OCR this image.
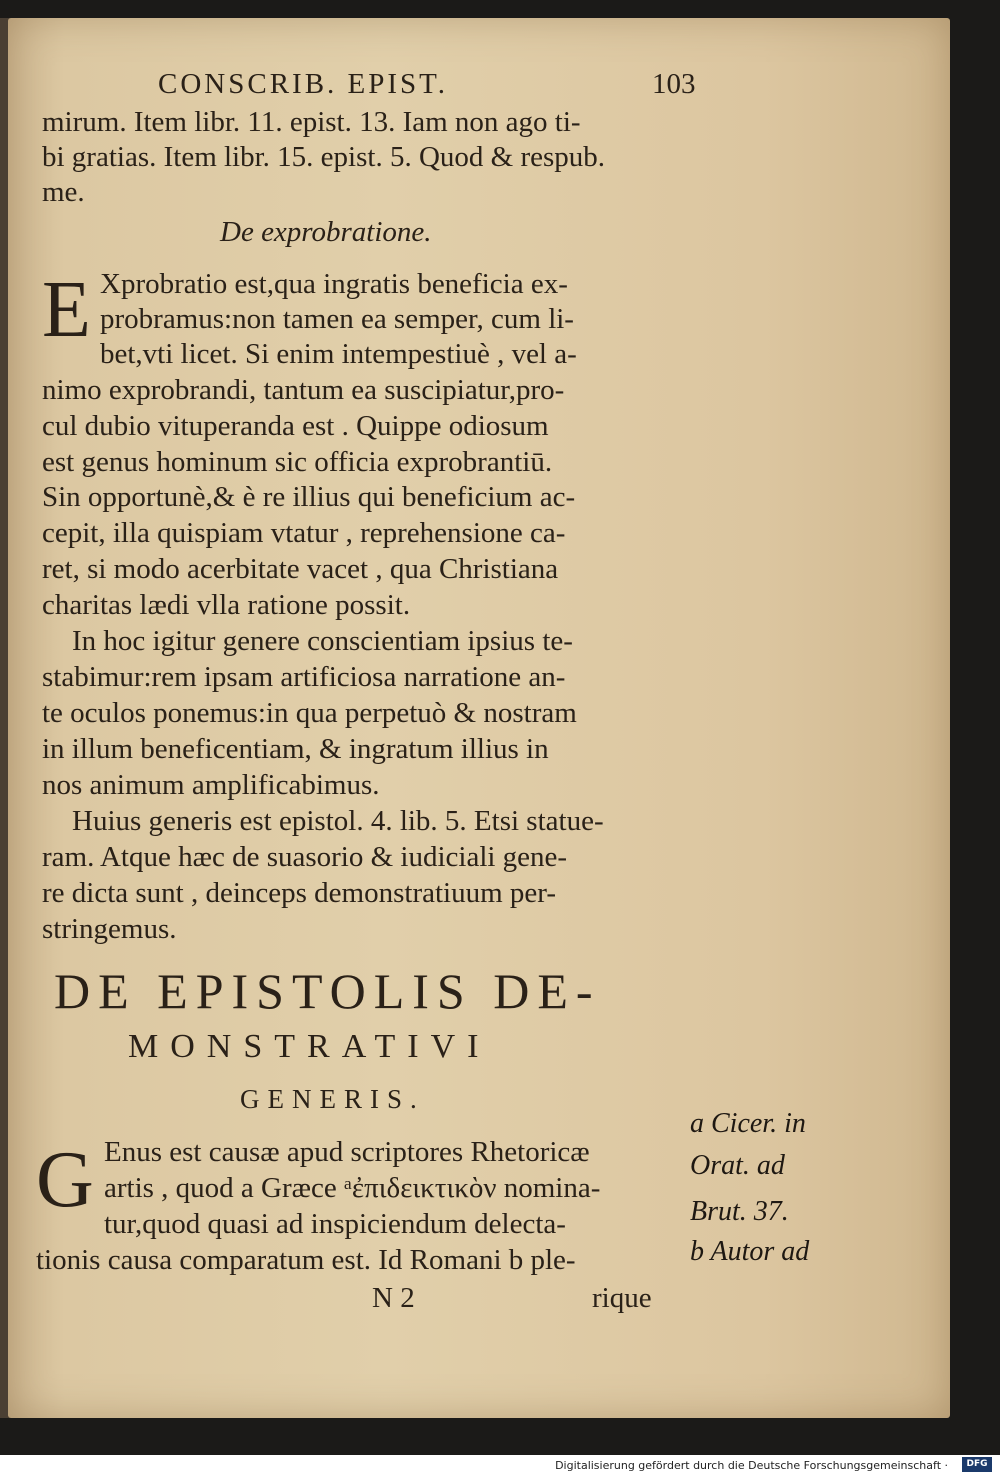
CONSCRIB. EPIST.	103
mirum. Item libr. 11. epist. 13. Iam non ago ti-
bi gratias. Item libr. 15. epist. 5. Quod & respub.
me.
De exprobratione.
E Xprobratio est,qua ingratis beneficia ex-
probramus:non tamen ea semper, cum li-
bet,vti licet. Si enim intempestiuè , vel a-
nimo exprobrandi, tantum ea suscipiatur,pro-
cul dubio vituperanda est . Quippe odiosum
est genus hominum sic officia exprobrantiū.
Sin opportunè,& è re illius qui beneficium ac-
cepit, illa quispiam vtatur , reprehensione ca-
ret, si modo acerbitate vacet , qua Christiana
charitas lædi vlla ratione possit.
In hoc igitur genere conscientiam ipsius te-
stabimur:rem ipsam artificiosa narratione an-
te oculos ponemus:in qua perpetuò & nostram
in illum beneficentiam, & ingratum illius in
nos animum amplificabimus.
Huius generis est epistol. 4. lib. 5. Etsi statue-
ram. Atque hæc de suasorio & iudiciali gene-
re dicta sunt , deinceps demonstratiuum per-
stringemus.
DE EPISTOLIS DE-
MONSTRATIVI
GENERIS.
G Enus est causæ apud scriptores Rhetoricæ
artis , quod a Græce ᵃἐπιδεικτικὸν nomina-
tur,quod quasi ad inspiciendum delecta-
tionis causa comparatum est. Id Romani b ple-
N 2	rique
a Cicer. in
Orat. ad
Brut. 37.
b Autor ad
Digitalisierung gefördert durch die Deutsche Forschungsgemeinschaft ·	DFG
